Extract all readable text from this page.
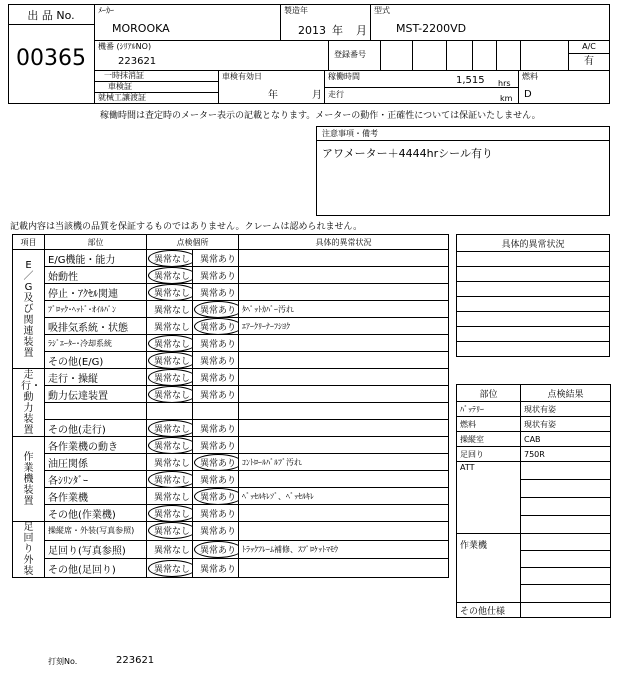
出 品 No.
00365
ﾒｰｶｰ
MOROOKA
製造年
2013 年 月
型式
MST-2200VD
機番 (ｼﾘｱﾙNO)
223621
登録番号
A/C
有
一時抹消証
車検証
就械工讓渡証
車検有効日
年	月
稼働時間	1,515 hrs
走行	km
燃料
D
稼働時間は査定時のメーター表示の記載となります。メーターの動作・正確性については保証いたしません。
注意事項・備考
アワメーター＋4444hrシール有り
記載内容は当該機の品質を保証するものではありません。クレームは認められません。
項目	部位	点検個所		具体的異常状況
E／G及び関連装置	E/G機能・能力	異常なし	異常あり	
	始動性	異常なし	異常あり	
	停止・ｱｸｾﾙ関連	異常なし	異常あり	
	ﾌﾞﾛｯｸ･ﾍｯﾄﾞ･ｵｲﾙﾊﾟﾝ	異常なし	異常あり	ﾀﾍﾟｯﾄｶﾊﾞｰ汚れ
	吸排気系統・状態	異常なし	異常あり	ｴｱｰｸﾘｰﾅｰﾌｼﾖｸ
	ﾗｼﾞｴｰﾀｰ･冷却系統	異常なし	異常あり	
	その他(E/G)	異常なし	異常あり	
走行・動力装置	走行・操縦	異常なし	異常あり	
	動力伝達装置	異常なし	異常あり	

	その他(走行)	異常なし	異常あり	
作業機装置	各作業機の動き	異常なし	異常あり	
	油圧関係	異常なし	異常あり	ｺﾝﾄﾛｰﾙﾊﾞﾙﾌﾞ汚れ
	各ｼﾘﾝﾀﾞｰ	異常なし	異常あり	
	各作業機	異常なし	異常あり	ﾍﾞｯｾﾙｷﾚｿﾞ、ﾍﾞｯｾﾙｷﾚ
	その他(作業機)	異常なし	異常あり	
足回り外装	操縦席・外装(写真参照)	異常なし	異常あり	
	足回り(写真参照)	異常なし	異常あり	ﾄﾗｯｸﾌﾚｰﾑ補修、ｽﾌﾟﾛｹｯﾄﾏﾓｳ
	その他(足回り)	異常なし	異常あり	
具体的異常状況

部位	点検結果
ﾊﾞｯﾃﾘｰ	現状有姿
燃料	現状有姿
操縦室	CAB
足回り	750R
ATT	

作業機	

その他仕様	
打刻No.	223621
